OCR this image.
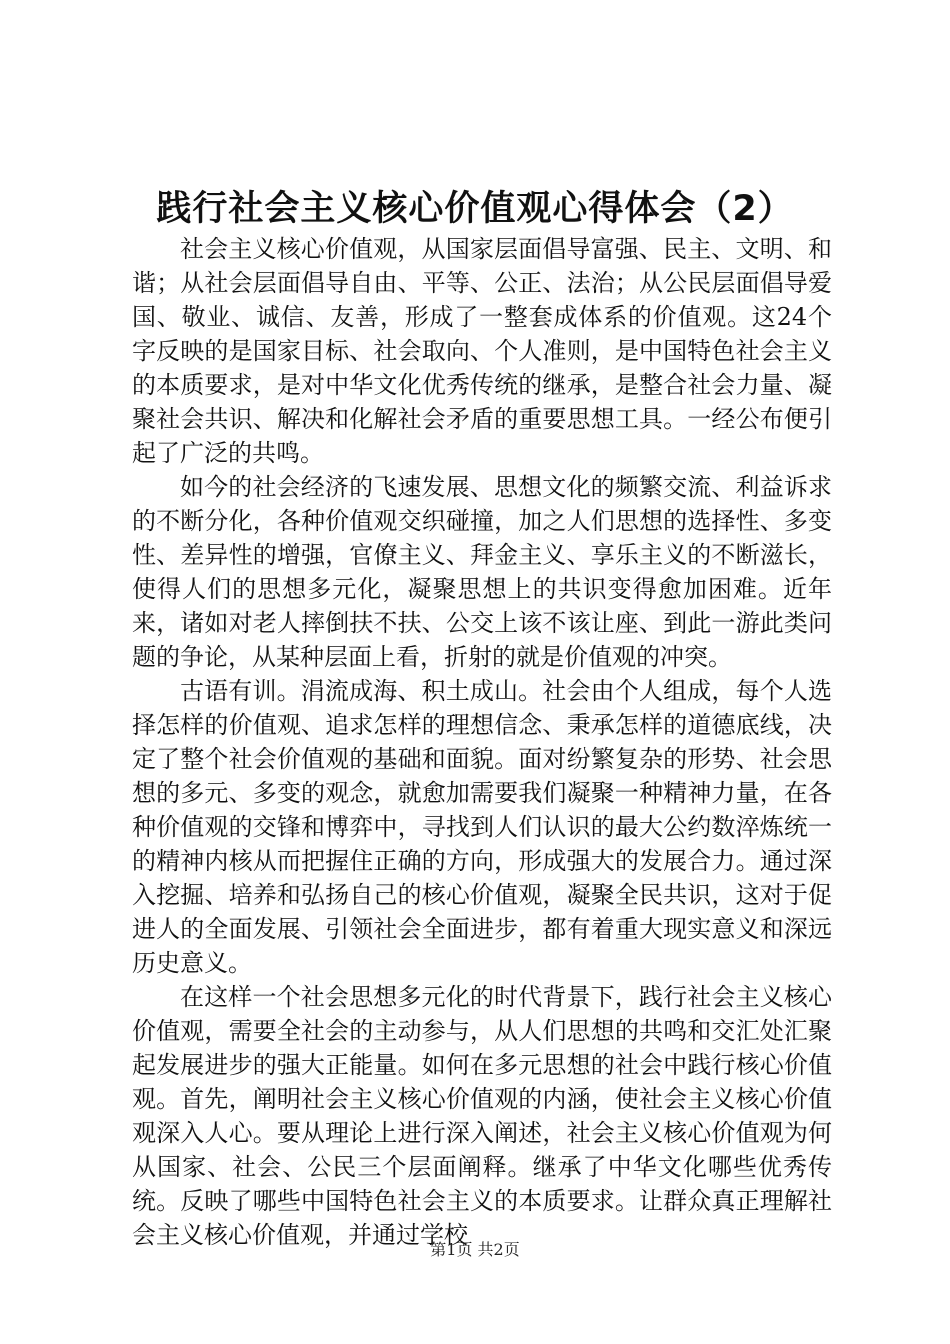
践行社会主义核心价值观心得体会（2）

社会主义核心价值观，从国家层面倡导富强、民主、文明、和谐；从社会层面倡导自由、平等、公正、法治；从公民层面倡导爱国、敬业、诚信、友善，形成了一整套成体系的价值观。这24个字反映的是国家目标、社会取向、个人准则，是中国特色社会主义的本质要求，是对中华文化优秀传统的继承，是整合社会力量、凝聚社会共识、解决和化解社会矛盾的重要思想工具。一经公布便引起了广泛的共鸣。

如今的社会经济的飞速发展、思想文化的频繁交流、利益诉求的不断分化，各种价值观交织碰撞，加之人们思想的选择性、多变性、差异性的增强，官僚主义、拜金主义、享乐主义的不断滋长，使得人们的思想多元化，凝聚思想上的共识变得愈加困难。近年来，诸如对老人摔倒扶不扶、公交上该不该让座、到此一游此类问题的争论，从某种层面上看，折射的就是价值观的冲突。

古语有训。涓流成海、积土成山。社会由个人组成，每个人选择怎样的价值观、追求怎样的理想信念、秉承怎样的道德底线，决定了整个社会价值观的基础和面貌。面对纷繁复杂的形势、社会思想的多元、多变的观念，就愈加需要我们凝聚一种精神力量，在各种价值观的交锋和博弈中，寻找到人们认识的最大公约数淬炼统一的精神内核从而把握住正确的方向，形成强大的发展合力。通过深入挖掘、培养和弘扬自己的核心价值观，凝聚全民共识，这对于促进人的全面发展、引领社会全面进步，都有着重大现实意义和深远历史意义。

在这样一个社会思想多元化的时代背景下，践行社会主义核心价值观，需要全社会的主动参与，从人们思想的共鸣和交汇处汇聚起发展进步的强大正能量。如何在多元思想的社会中践行核心价值观。首先，阐明社会主义核心价值观的内涵，使社会主义核心价值观深入人心。要从理论上进行深入阐述，社会主义核心价值观为何从国家、社会、公民三个层面阐释。继承了中华文化哪些优秀传统。反映了哪些中国特色社会主义的本质要求。让群众真正理解社会主义核心价值观，并通过学校

第1页 共2页
